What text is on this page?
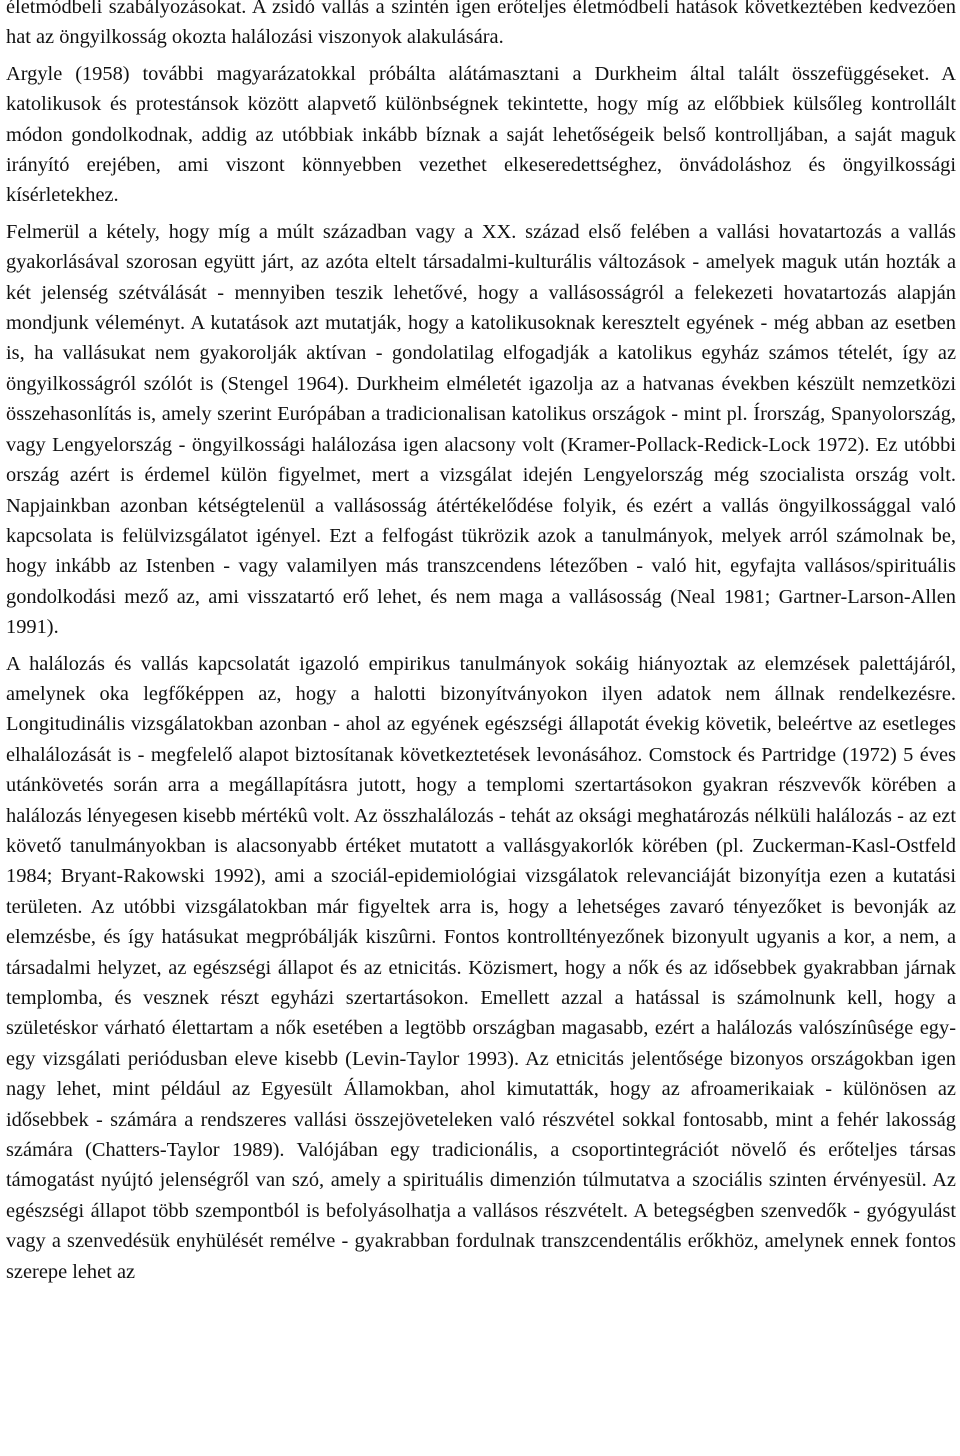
életmódbeli szabályozásokat. A zsidó vallás a szintén igen erőteljes életmódbeli hatások következtében kedvezően hat az öngyilkosság okozta halálozási viszonyok alakulására.

Argyle (1958) további magyarázatokkal próbálta alátámasztani a Durkheim által talált összefüggéseket. A katolikusok és protestánsok között alapvető különbségnek tekintette, hogy míg az előbbiek külsőleg kontrollált módon gondolkodnak, addig az utóbbiak inkább bíznak a saját lehetőségeik belső kontrolljában, a saját maguk irányító erejében, ami viszont könnyebben vezethet elkeseredettséghez, önvádoláshoz és öngyilkossági kísérletekhez.

Felmerül a kétely, hogy míg a múlt században vagy a XX. század első felében a vallási hovatartozás a vallás gyakorlásával szorosan együtt járt, az azóta eltelt társadalmi-kulturális változások - amelyek maguk után hozták a két jelenség szétválását - mennyiben teszik lehetővé, hogy a vallásosságról a felekezeti hovatartozás alapján mondjunk véleményt. A kutatások azt mutatják, hogy a katolikusoknak keresztelt egyének - még abban az esetben is, ha vallásukat nem gyakorolják aktívan - gondolatilag elfogadják a katolikus egyház számos tételét, így az öngyilkosságról szólót is (Stengel 1964). Durkheim elméletét igazolja az a hatvanas években készült nemzetközi összehasonlítás is, amely szerint Európában a tradicionalisan katolikus országok - mint pl. Írország, Spanyolország, vagy Lengyelország - öngyilkossági halálozása igen alacsony volt (Kramer-Pollack-Redick-Lock 1972). Ez utóbbi ország azért is érdemel külön figyelmet, mert a vizsgálat idején Lengyelország még szocialista ország volt. Napjainkban azonban kétségtelenül a vallásosság átértékelődése folyik, és ezért a vallás öngyilkossággal való kapcsolata is felülvizsgálatot igényel. Ezt a felfogást tükrözik azok a tanulmányok, melyek arról számolnak be, hogy inkább az Istenben - vagy valamilyen más transzcendens létezőben - való hit, egyfajta vallásos/spirituális gondolkodási mező az, ami visszatartó erő lehet, és nem maga a vallásosság (Neal 1981; Gartner-Larson-Allen 1991).

A halálozás és vallás kapcsolatát igazoló empirikus tanulmányok sokáig hiányoztak az elemzések palettájáról, amelynek oka legfőképpen az, hogy a halotti bizonyítványokon ilyen adatok nem állnak rendelkezésre. Longitudinális vizsgálatokban azonban - ahol az egyének egészségi állapotát évekig követik, beleértve az esetleges elhalálozását is - megfelelő alapot biztosítanak következtetések levonásához. Comstock és Partridge (1972) 5 éves utánkövetés során arra a megállapításra jutott, hogy a templomi szertartásokon gyakran részvevők körében a halálozás lényegesen kisebb mértékû volt. Az összhalálozás - tehát az oksági meghatározás nélküli halálozás - az ezt követő tanulmányokban is alacsonyabb értéket mutatott a vallásgyakorlók körében (pl. Zuckerman-Kasl-Ostfeld 1984; Bryant-Rakowski 1992), ami a szociál-epidemiológiai vizsgálatok relevanciáját bizonyítja ezen a kutatási területen. Az utóbbi vizsgálatokban már figyeltek arra is, hogy a lehetséges zavaró tényezőket is bevonják az elemzésbe, és így hatásukat megpróbálják kiszûrni. Fontos kontrolltényezőnek bizonyult ugyanis a kor, a nem, a társadalmi helyzet, az egészségi állapot és az etnicitás. Közismert, hogy a nők és az idősebbek gyakrabban járnak templomba, és vesznek részt egyházi szertartásokon. Emellett azzal a hatással is számolnunk kell, hogy a születéskor várható élettartam a nők esetében a legtöbb országban magasabb, ezért a halálozás valószínûsége egy-egy vizsgálati periódusban eleve kisebb (Levin-Taylor 1993). Az etnicitás jelentősége bizonyos országokban igen nagy lehet, mint például az Egyesült Államokban, ahol kimutatták, hogy az afroamerikaiak - különösen az idősebbek - számára a rendszeres vallási összejöveteleken való részvétel sokkal fontosabb, mint a fehér lakosság számára (Chatters-Taylor 1989). Valójában egy tradicionális, a csoportintegrációt növelő és erőteljes társas támogatást nyújtó jelenségről van szó, amely a spirituális dimenzión túlmutatva a szociális szinten érvényesül. Az egészségi állapot több szempontból is befolyásolhatja a vallásos részvételt. A betegségben szenvedők - gyógyulást vagy a szenvedésük enyhülését remélve - gyakrabban fordulnak transzcendentális erőkhöz, amelynek ennek fontos szerepe lehet az
